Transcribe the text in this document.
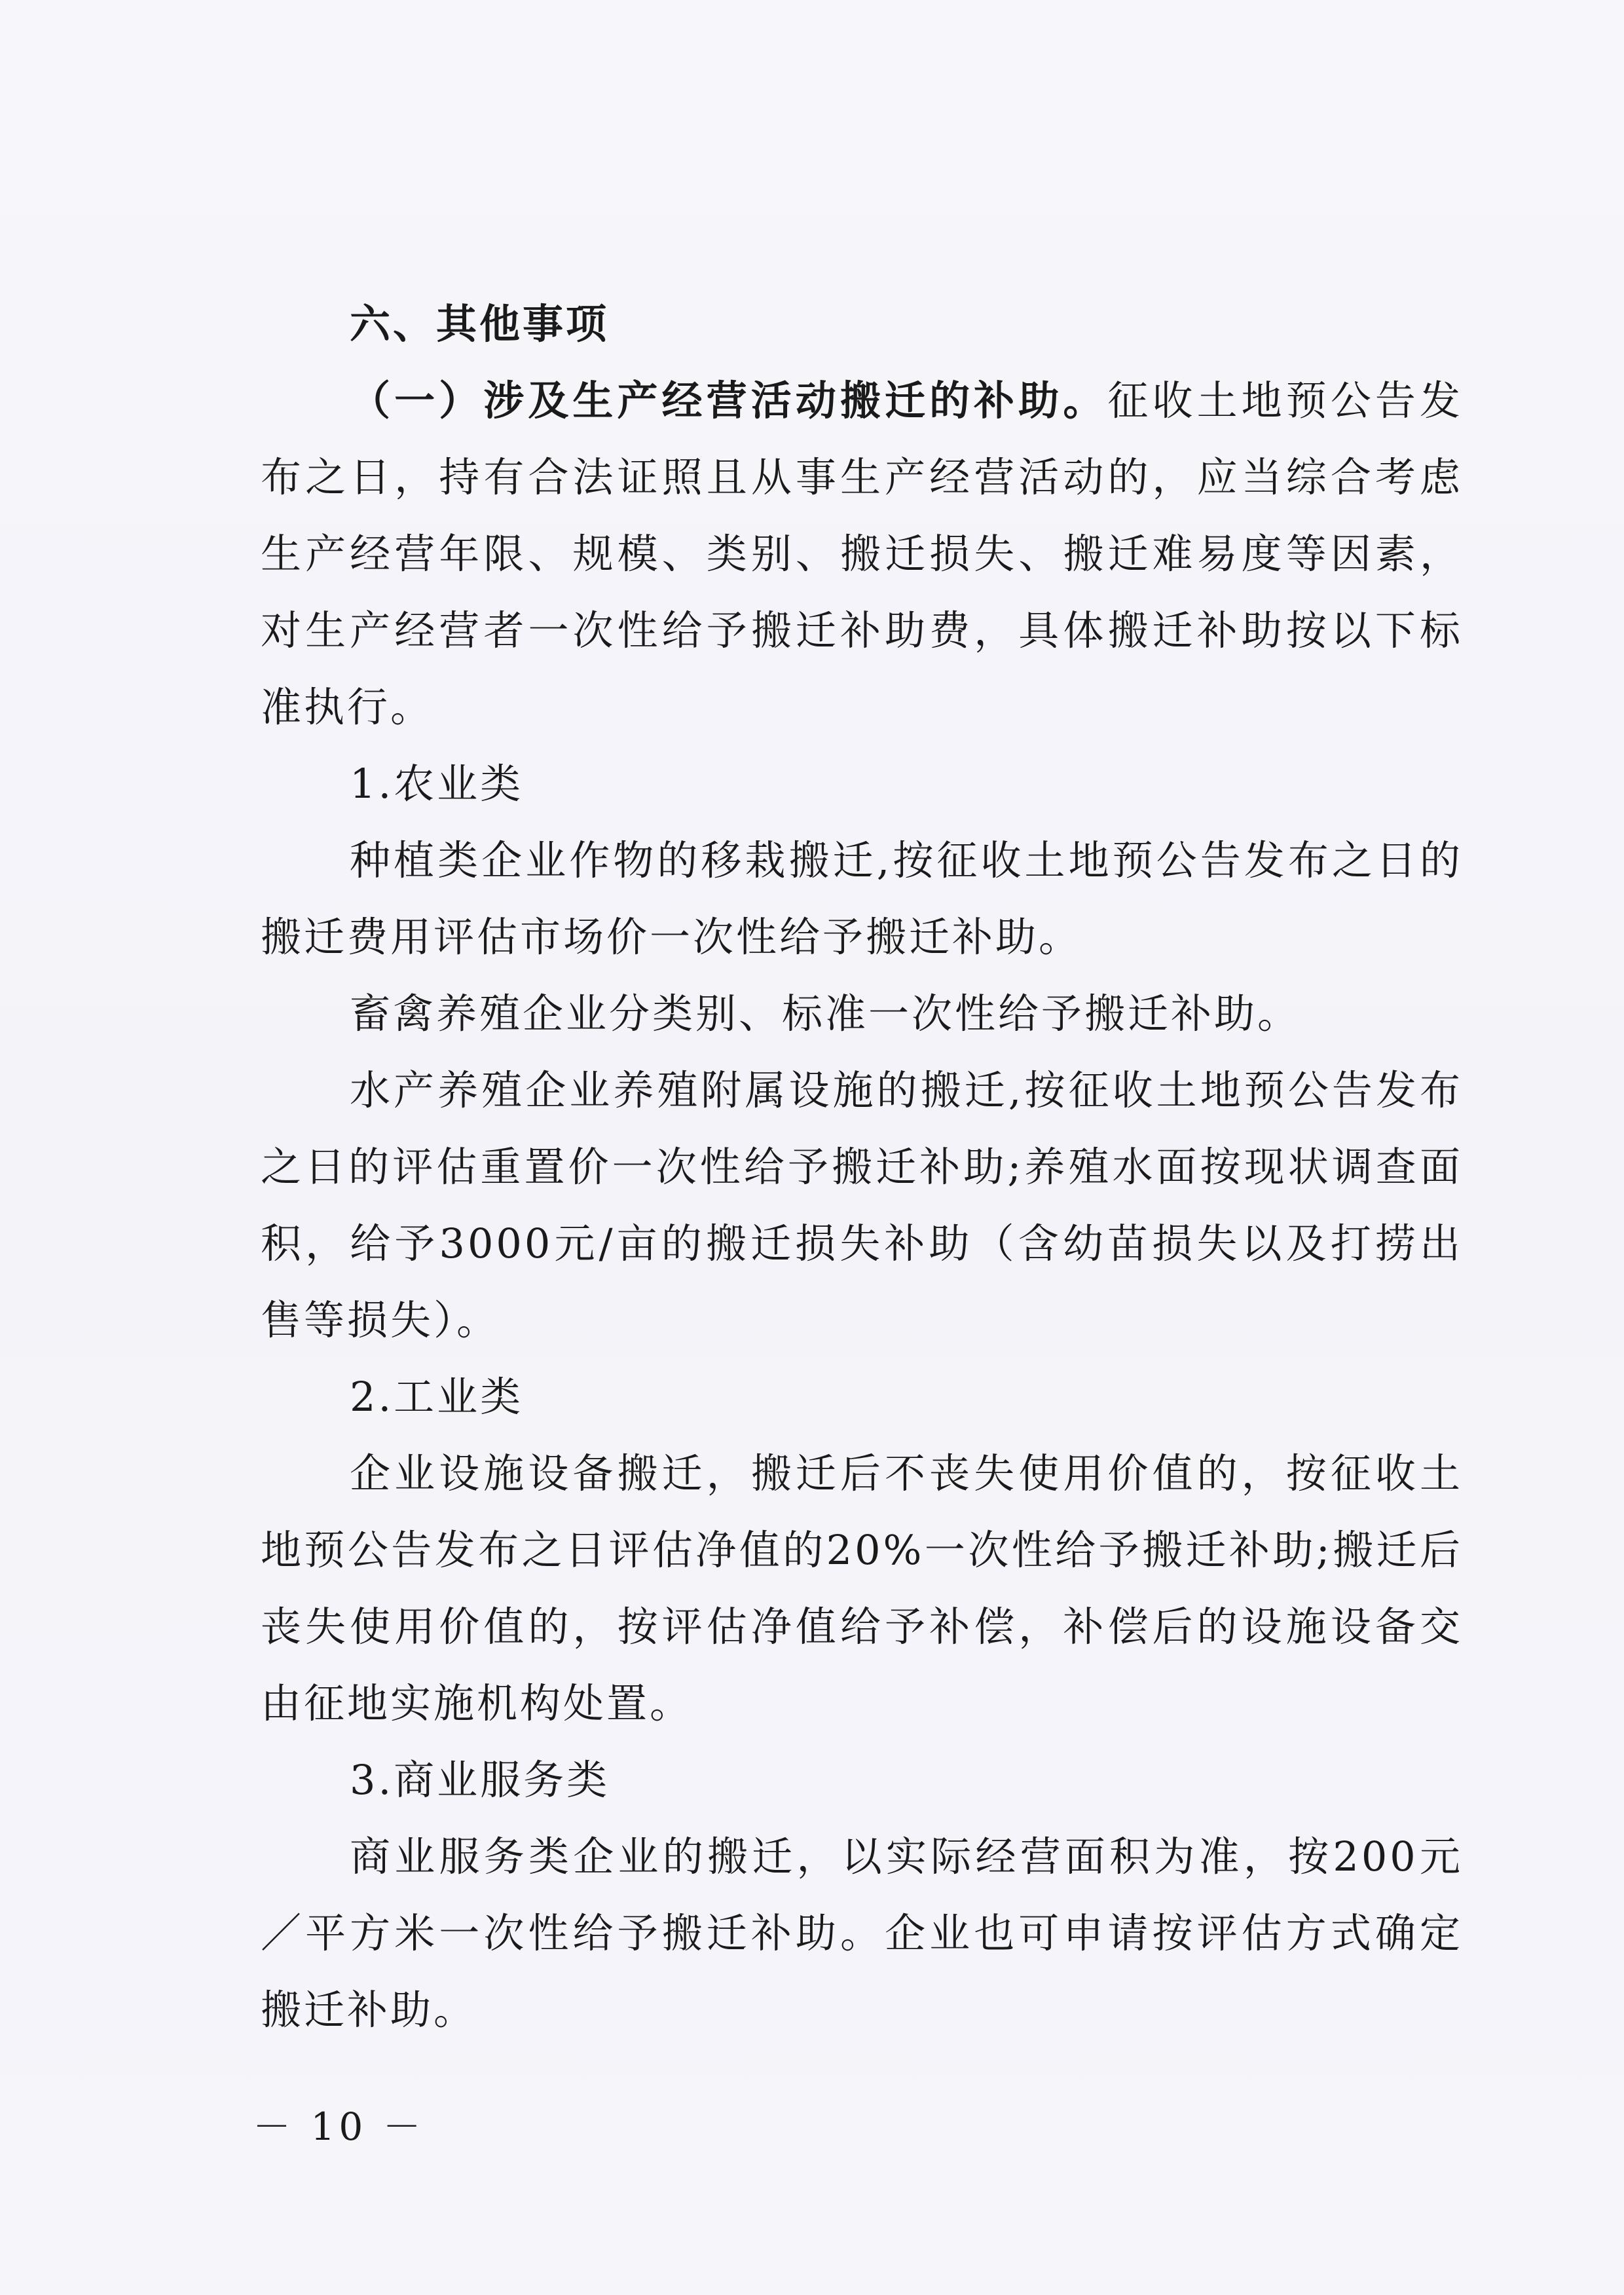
六、其他事项

（一）涉及生产经营活动搬迁的补助。征收土地预公告发布之日，持有合法证照且从事生产经营活动的，应当综合考虑生产经营年限、规模、类别、搬迁损失、搬迁难易度等因素，对生产经营者一次性给予搬迁补助费，具体搬迁补助按以下标准执行。

1.农业类

种植类企业作物的移栽搬迁,按征收土地预公告发布之日的搬迁费用评估市场价一次性给予搬迁补助。

畜禽养殖企业分类别、标准一次性给予搬迁补助。

水产养殖企业养殖附属设施的搬迁,按征收土地预公告发布之日的评估重置价一次性给予搬迁补助;养殖水面按现状调查面积，给予3000元/亩的搬迁损失补助（含幼苗损失以及打捞出售等损失）。

2.工业类

企业设施设备搬迁，搬迁后不丧失使用价值的，按征收土地预公告发布之日评估净值的20%一次性给予搬迁补助;搬迁后丧失使用价值的，按评估净值给予补偿，补偿后的设施设备交由征地实施机构处置。

3.商业服务类

商业服务类企业的搬迁，以实际经营面积为准，按200元／平方米一次性给予搬迁补助。企业也可申请按评估方式确定搬迁补助。

－ 10 －
